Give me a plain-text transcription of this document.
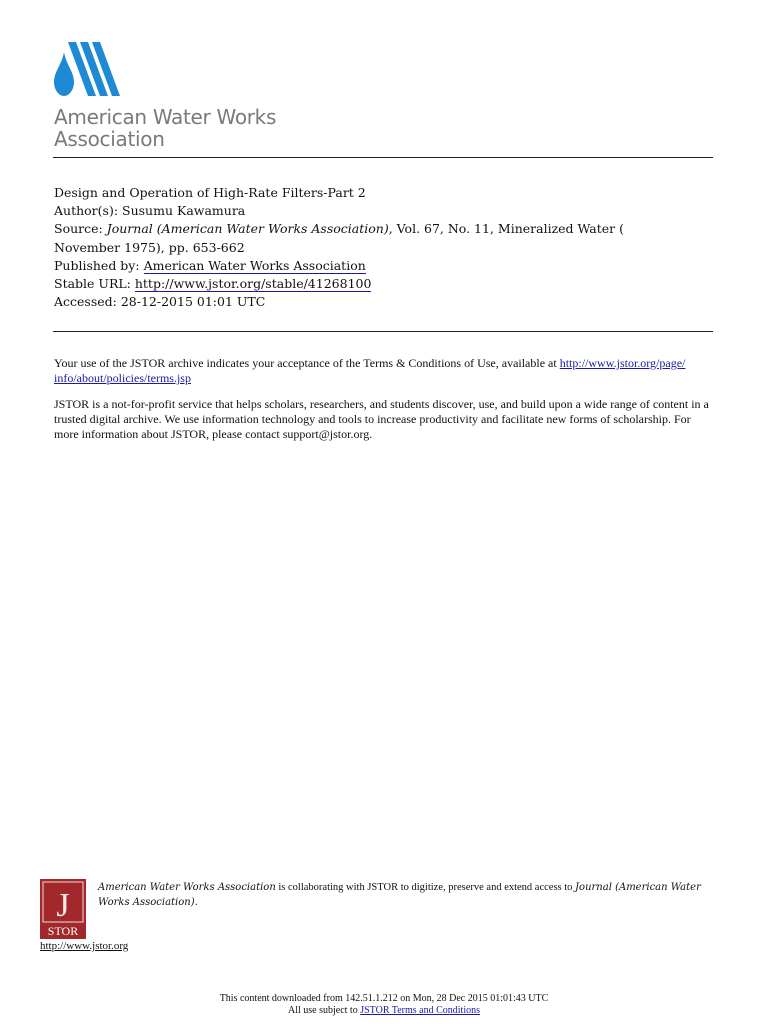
American Water Works
Association
Design and Operation of High-Rate Filters-Part 2
Author(s): Susumu Kawamura
Source: Journal (American Water Works Association), Vol. 67, No. 11, Mineralized Water (
November 1975), pp. 653-662
Published by: American Water Works Association
Stable URL: http://www.jstor.org/stable/41268100
Accessed: 28-12-2015 01:01 UTC
Your use of the JSTOR archive indicates your acceptance of the Terms & Conditions of Use, available at http://www.jstor.org/page/
info/about/policies/terms.jsp
JSTOR is a not-for-profit service that helps scholars, researchers, and students discover, use, and build upon a wide range of content in a trusted digital archive. We use information technology and tools to increase productivity and facilitate new forms of scholarship. For more information about JSTOR, please contact support@jstor.org.
J
STOR
http://www.jstor.org
American Water Works Association is collaborating with JSTOR to digitize, preserve and extend access to Journal (American Water Works Association).
This content downloaded from 142.51.1.212 on Mon, 28 Dec 2015 01:01:43 UTC
All use subject to JSTOR Terms and Conditions
